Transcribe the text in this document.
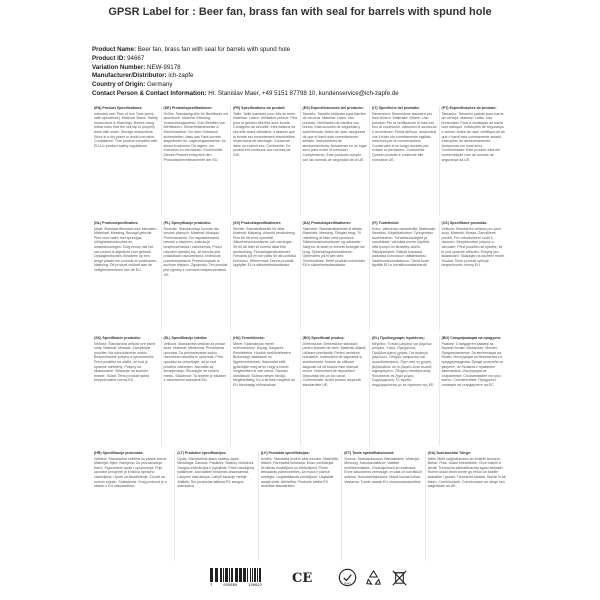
GPSR Label for : Beer fan, brass fan with seal for barrels with spund hole
Product Name: Beer fan, brass fan with seal for barrels with spund hole
Product ID: 94667
Variation Number: NEW-99178
Manufacturer/Distributor: ich-zapfe
Country of Origin: Germany
Contact Person & Contact Information: Hr. Stanislav Maer, +49 5151 87798 10, kundenservice@ich-zapfe.de
(EN) Product Specifications:
Intended use: Pins of Iron Tons (semi-safe operations). Material: Brass. Safety Instructions & Warnings: Before using follow rules that the cell tap is properly done with seals. Storage instructions: Store in a dry place to avoid corrosion. Compliance: This product complies with EU-Lic product safety regulations.
(DE) Produktspezifikationen:
Größe: Standardgröße für Bierfässer mit spundloch. Material: Messing. Verwendungszweck: Zum Belüften von Bierfässern. Sicherheitshinweise & Warnhinweise: Vor dem Gebrauch sicherstellen, dass das Fass korrekt abgedichtet ist. Lagerungshinweise: An einem trockenen Ort lagern, um Korrosion zu vermeiden. Konformität: Dieses Produkt entspricht den Produktsicherheitsnormen der EU.
(FR) Spécifications du produit:
Taille: Taille standard pour fûts de bière. Matériau: Laiton. Utilisation prévue: Pins pour la gestion des fûts avec bonde. Consignes de sécurité: Informations de sécurité avant utilisation, s'assurer que la bonde est correctement étanchéifiée. Instructions de stockage: Conserver dans un endroit sec. Conformité: Ce produit est conforme aux normes de l'UE.
(ES) Especificaciones del producto:
Tamaño: Tamaño estándar para barriles de cerveza. Material: Latón. Uso previsto: Ventilación de barriles con bondo. Instrucciones de seguridad y advertencias: Antes de usar, asegúrese de que el barril esté correctamente sellado. Instrucciones de almacenamiento: Almacenar en un lugar seco para evitar la corrosión. Cumplimiento: Este producto cumple con las normas de seguridad de la UE.
(IT) Specifiche del prodotto:
Dimensioni: Dimensione standard per fusti di birra. Materiale: Ottone. Uso previsto: Per la ventilazione di fusti con foro di cocchiume. Istruzioni di sicurezza e avvertenze: Prima dell'uso, assicurarsi che il fusto sia correttamente sigillato. Istruzioni per la conservazione: Conservare in un luogo asciutto per evitare la corrosione. Conformità: Questo prodotto è conforme alle normative UE.
(PT) Especificações do produto:
Tamanho: Tamanho padrão para barris de cerveja. Material: Latão. Uso pretendido: Para a ventilação de barris com batoque. Instruções de segurança e avisos: Antes de usar, certifique-se de que o barril está corretamente selado. Instruções de armazenamento: Armazenar em local seco. Conformidade: Este produto está em conformidade com as normas de segurança da UE.
(NL) Productspecificaties:
Maat: Standaardformaat voor biervaten. Materiaal: Messing. Beoogd gebruik: Pins voor vaten met spundgat. Veiligheidsinstructies en waarschuwingen: Zorg ervoor dat het vat correct is afgedicht voor gebruik. Opslaginstructies: Bewaren op een droge plaats om corrosie te voorkomen. Naleving: Dit product voldoet aan de veiligheidsnormen van de EU.
(PL) Specyfikacje produktu:
Rozmiar: Standardowy rozmiar dla beczek piwnych. Materiał: Mosiądz. Przeznaczenie: Do napowietrzania beczek z otworem. Instrukcje bezpieczeństwa i ostrzeżenia: Przed użyciem upewnij się, że beczka jest prawidłowo uszczelniona. Instrukcje przechowywania: Przechowywać w suchym miejscu. Zgodność: Ten produkt jest zgodny z normami bezpieczeństwa UE.
(SV) Produktspecifikationer:
Storlek: Standardstorlek för ölfat. Material: Mässing. Avsedd användning: Pins för fat med sponthål. Säkerhetsinstruktioner och varningar: Se till att fatet är korrekt tätat före användning. Förvaringsinstruktioner: Förvaras på en torr plats för att undvika korrosion. Efterlevnad: Denna produkt uppfyller EU:s säkerhetsstandarder.
(DA) Produktspecifikationer:
Størrelse: Standardstørrelse til ølfade. Materiale: Messing. Tilsigtet brug: Til udluftning af fade med spunshul. Sikkerhedsinstruktioner og advarsler: Sørg for at fadet er korrekt forseglet før brug. Opbevaringsinstruktioner: Opbevares på et tørt sted. Overholdelse: Dette produkt overholder EU's sikkerhedsstandarder.
(FI) Tuotetiedot:
Koko: Vakiokoko olutastioille. Materiaali: Messinki. Käyttötarkoitus: Tynnyreiden tuuletukseen. Turvallisuusohjeet ja varoitukset: Varmista ennen käyttöä, että tynnyri on tiivistetty oikein. Säilytysohjeet: Säilytä kuivassa paikassa korroosion välttämiseksi. Vaatimustenmukaisuus: Tämä tuote täyttää EU:n turvallisuusstandardit.
(CS) Specifikace produktu:
Velikost: Standardní velikost pro pivní sudy. Materiál: Mosaz. Zamýšlené použití: Pro odvzdušnění sudů s otvorem. Bezpečnostní pokyny a varování: Před použitím se ujistěte, že je sud správně utěsněn. Pokyny pro skladování: Skladujte na suchém místě. Soulad: Tento produkt splňuje bezpečnostní normy EU.
(SK) Špecifikácie produktu:
Veľkosť: Štandardná veľkosť pre pivné sudy. Materiál: Mosadz. Zamýšľané použitie: Na odvzdušnenie sudov. Bezpečnostné pokyny a upozornenia: Pred použitím sa uistite, že sud je správne utesnený. Pokyny na skladovanie: Skladujte na suchom mieste. Súlad: Tento produkt spĺňa bezpečnostné normy EÚ.
(SL) Specifikacije izdelka:
Velikost: Standardna velikost za pivske sode. Material: Medenina. Predvidena uporaba: Za prezračevanje sodov. Varnostna navodila in opozorila: Pred uporabo se prepričajte, da je sod pravilno zatesnjen. Navodila za shranjevanje: Shranjujte na suhem mestu. Skladnost: Ta izdelek je skladen z varnostnimi standardi EU.
(HU) Termékleírás:
Méret: Szabványos méret sörhordókhoz. Anyag: Sárgaréz. Rendeltetés: Hordók szellőztetésére. Biztonsági utasítások és figyelmeztetések: Használat előtt győződjön meg arról, hogy a hordó megfelelően le van zárva. Tárolási utasítások: Száraz helyen tárolja. Megfelelőség: Ez a termék megfelel az EU biztonsági előírásainak.
(RO) Specificații produs:
Dimensiune: Dimensiune standard pentru butoaie de bere. Material: Alamă. Utilizare prevăzută: Pentru aerisirea butoaielor. Instrucțiuni de siguranță și avertismente: Înainte de utilizare asigurați-vă că butoiul este etanșat corect. Instrucțiuni de depozitare: Depozitați într-un loc uscat. Conformitate: Acest produs respectă standardele UE.
(EL) Προδιαγραφές προϊόντος:
Μέγεθος: Τυπικό μέγεθος για βαρέλια μπύρας. Υλικό: Ορείχαλκος. Προβλεπόμενη χρήση: Για αερισμό βαρελιών. Οδηγίες ασφαλείας και προειδοποιήσεις: Πριν από τη χρήση βεβαιωθείτε ότι το βαρέλι είναι σωστά σφραγισμένο. Οδηγίες αποθήκευσης: Φυλάσσετε σε ξηρό μέρος. Συμμόρφωση: Το προϊόν συμμορφώνεται με τα πρότυπα της ΕΕ.
(BG) Спецификации на продукта:
Размер: Стандартен размер за бирени бъчви. Материал: Месинг. Предназначение: За вентилация на бъчви. Инструкции за безопасност и предупреждения: Преди употреба се уверете, че бъчвата е правилно запечатана. Инструкции за съхранение: Съхранявайте на сухо място. Съответствие: Продуктът отговаря на стандартите на ЕС.
(HR) Specifikacije proizvoda:
Veličina: Standardna veličina za pivske bačve. Materijal: Mjed. Namjena: Za prozračivanje bačvi. Sigurnosne upute i upozorenja: Prije uporabe provjerite je li bačva ispravno zabrtvljena. Upute za skladištenje: Čuvati na suhom mjestu. Sukladnost: Ovaj proizvod je u skladu s EU standardima.
(LT) Produkto specifikacijos:
Dydis: Standartinis alaus statinių dydis. Medžiaga: Žalvaris. Paskirtis: Statinių vėdinimui. Saugos instrukcijos ir įspėjimai: Prieš naudojimą įsitikinkite, kad statinė tinkamai užsandarinta. Laikymo instrukcijos: Laikyti sausoje vietoje. Atitiktis: Šis produktas atitinka ES saugos standartus.
(LV) Produkta specifikācijas:
Izmērs: Standarta izmērs alus mucām. Materiāls: Misiņš. Paredzētā lietošana: Mucu ventilācijai. Drošības norādījumi un brīdinājumi: Pirms lietošanas pārliecinieties, ka muca ir pareizi noslēgta. Uzglabāšanas norādījumi: Uzglabāt sausā vietā. Atbilstība: Produkts atbilst ES drošības standartiem.
(ET) Toote spetsifikatsioonid:
Suurus: Standardsuurus õllevaatidele. Materjal: Messing. Kasutusotstarve: Vaatide ventileerimiseks. Ohutusjuhised ja hoiatused: Enne kasutamist veenduge, et vaat on korralikult suletud. Hoiustamisjuhised: Hoida kuivas kohas. Vastavus: Toode vastab ELi ohutusstandarditele.
(GA) Sonraíochtaí Táirge:
Méid: Méid caighdeánach do bhairillí beorach. Ábhar: Prás. Úsáid bheartaithe: Chun bairillí a aeráil. Treoracha sábháilteachta agus rabhaidh: Roimh úsáid déan cinnte go bhfuil an bairille séalaithe i gceart. Treoracha stórála: Stóráil in áit thirim. Comhlíonadh: Comhlíonann an táirge seo caighdeáin an AE.
7	655889	156022 CE	RoHS
